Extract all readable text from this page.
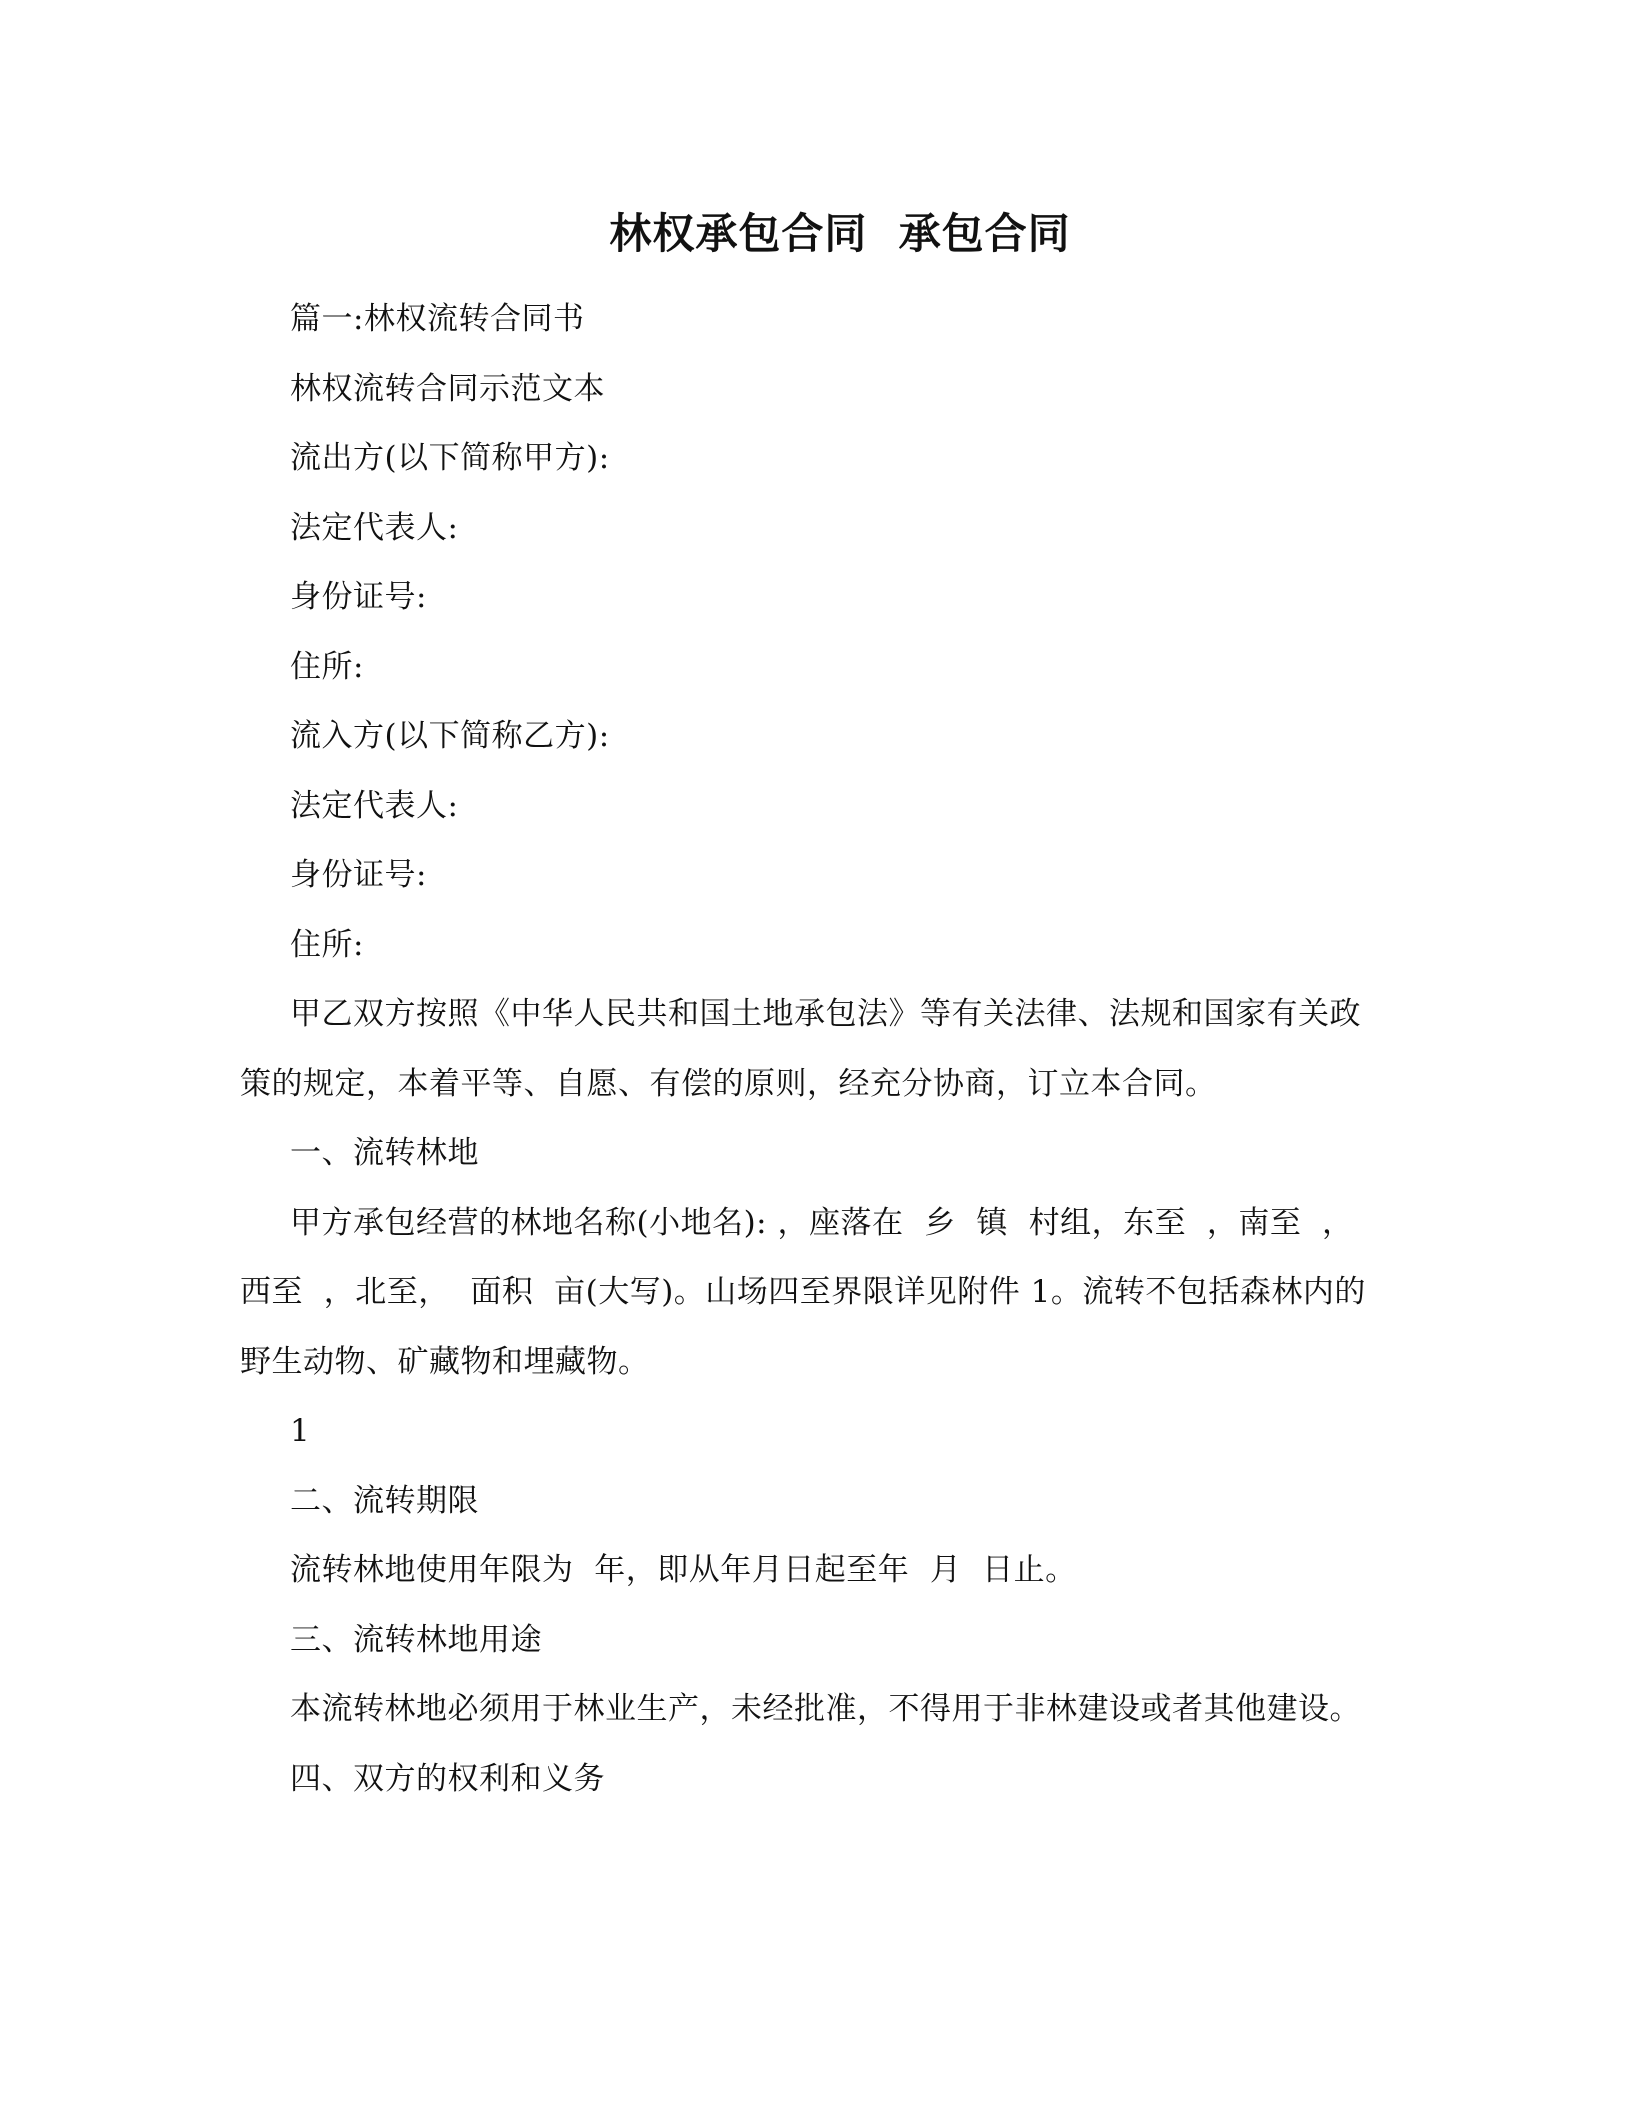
林权承包合同  承包合同
篇一:林权流转合同书
林权流转合同示范文本
流出方(以下简称甲方):
法定代表人:
身份证号:
住所:
流入方(以下简称乙方):
法定代表人:
身份证号:
住所:
甲乙双方按照《中华人民共和国土地承包法》等有关法律、法规和国家有关政
策的规定，本着平等、自愿、有偿的原则，经充分协商，订立本合同。
一、流转林地
甲方承包经营的林地名称(小地名): ，座落在  乡  镇  村组，东至  ，南至  ，
西至  ，北至，  面积  亩(大写)。山场四至界限详见附件 1。流转不包括森林内的
野生动物、矿藏物和埋藏物。
1
二、流转期限
流转林地使用年限为  年，即从年月日起至年  月  日止。
三、流转林地用途
本流转林地必须用于林业生产，未经批准，不得用于非林建设或者其他建设。
四、双方的权利和义务
